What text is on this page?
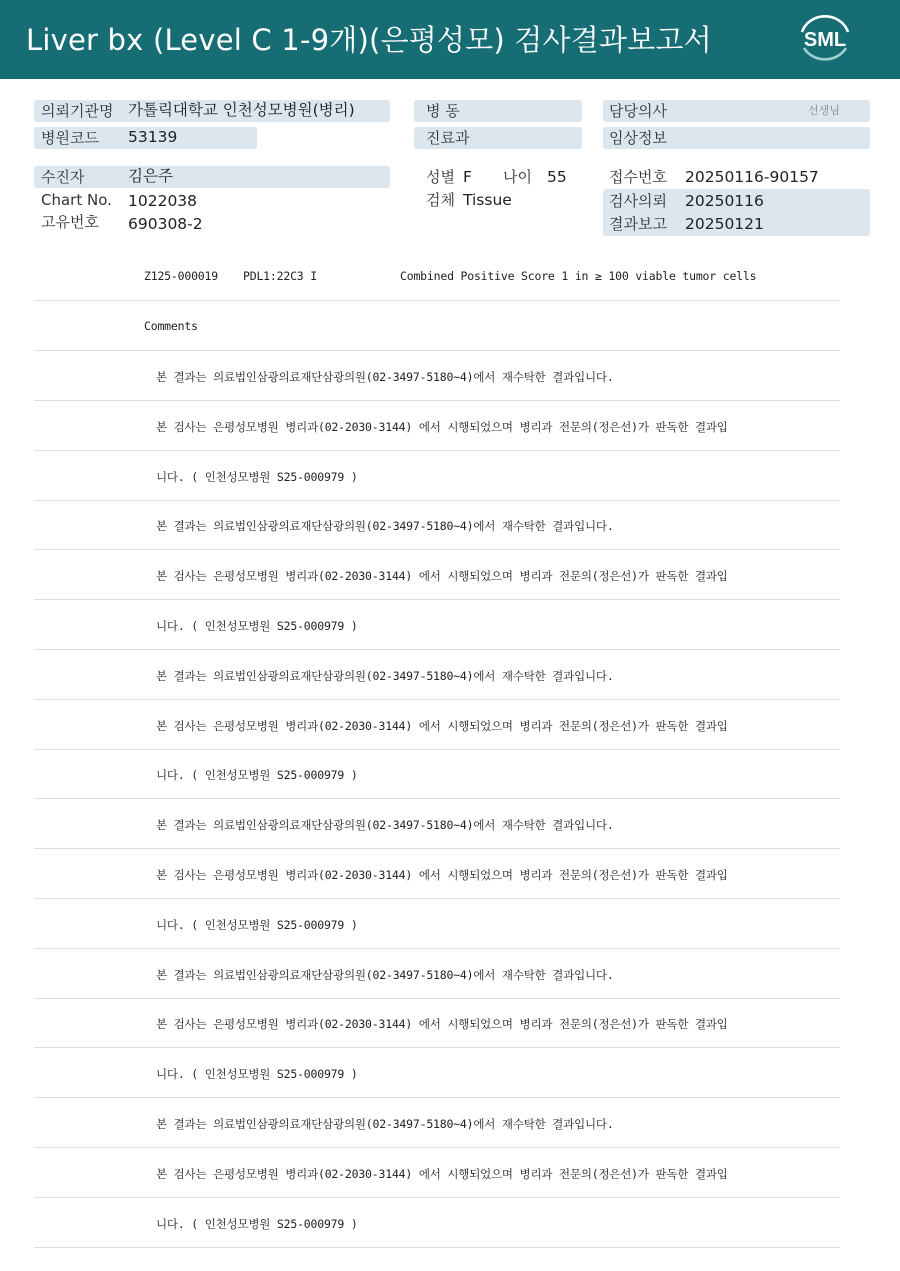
Liver bx (Level C 1-9개)(은평성모) 검사결과보고서	SML
의뢰기관명 가톨릭대학교 인천성모병원(병리)
병원코드 53139
병 동
진료과
담당의사	선생님
임상정보
수진자	김은주
Chart No. 1022038
고유번호 690308-2
성별 F 나이 55
검체 Tissue
접수번호 20250116-90157
검사의뢰 20250116
결과보고 20250121
Z125-000019 PDL1:22C3 I	Combined Positive Score 1 in ≥ 100 viable tumor cells
Comments
본 결과는 의료법인삼광의료재단삼광의원(02-3497-5180~4)에서 재수탁한 결과입니다.
본 검사는 은평성모병원 병리과(02-2030-3144) 에서 시행되었으며 병리과 전문의(정은선)가 판독한 결과입
니다. ( 인천성모병원 S25-000979 )
본 결과는 의료법인삼광의료재단삼광의원(02-3497-5180~4)에서 재수탁한 결과입니다.
본 검사는 은평성모병원 병리과(02-2030-3144) 에서 시행되었으며 병리과 전문의(정은선)가 판독한 결과입
니다. ( 인천성모병원 S25-000979 )
본 결과는 의료법인삼광의료재단삼광의원(02-3497-5180~4)에서 재수탁한 결과입니다.
본 검사는 은평성모병원 병리과(02-2030-3144) 에서 시행되었으며 병리과 전문의(정은선)가 판독한 결과입
니다. ( 인천성모병원 S25-000979 )
본 결과는 의료법인삼광의료재단삼광의원(02-3497-5180~4)에서 재수탁한 결과입니다.
본 검사는 은평성모병원 병리과(02-2030-3144) 에서 시행되었으며 병리과 전문의(정은선)가 판독한 결과입
니다. ( 인천성모병원 S25-000979 )
본 결과는 의료법인삼광의료재단삼광의원(02-3497-5180~4)에서 재수탁한 결과입니다.
본 검사는 은평성모병원 병리과(02-2030-3144) 에서 시행되었으며 병리과 전문의(정은선)가 판독한 결과입
니다. ( 인천성모병원 S25-000979 )
본 결과는 의료법인삼광의료재단삼광의원(02-3497-5180~4)에서 재수탁한 결과입니다.
본 검사는 은평성모병원 병리과(02-2030-3144) 에서 시행되었으며 병리과 전문의(정은선)가 판독한 결과입
니다. ( 인천성모병원 S25-000979 )
